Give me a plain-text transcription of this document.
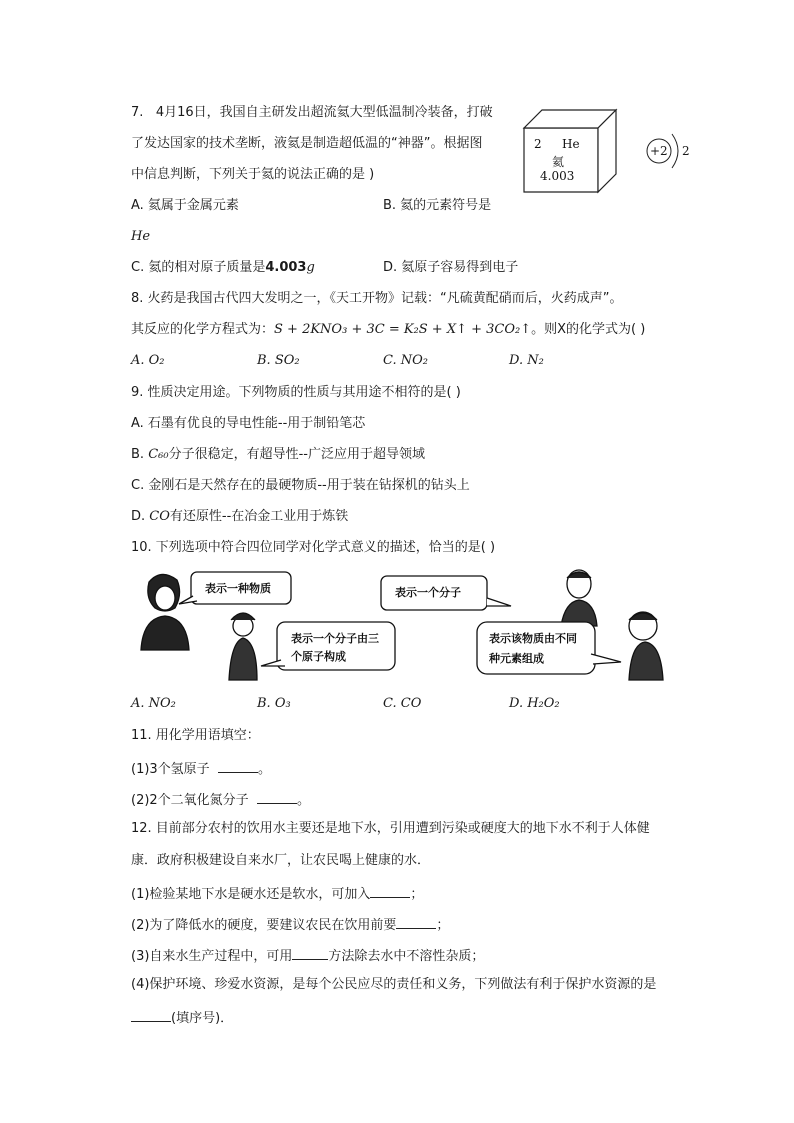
7. 4月16日，我国自主研发出超流氦大型低温制冷装备，打破
了发达国家的技术垄断，液氦是制造超低温的“神器”。根据图
中信息判断，下列关于氦的说法正确的是 )
2 He
氦
4.003
+2 2
A. 氦属于金属元素	B. 氦的元素符号是
He
C. 氦的相对原子质量是4.003g	D. 氦原子容易得到电子
8. 火药是我国古代四大发明之一，《天工开物》记载：“凡硫黄配硝而后，火药成声”。
其反应的化学方程式为：S + 2KNO₃ + 3C = K₂S + X↑ + 3CO₂↑。则X的化学式为( )
A. O₂	B. SO₂	C. NO₂	D. N₂
9. 性质决定用途。下列物质的性质与其用途不相符的是( )
A. 石墨有优良的导电性能--用于制铅笔芯
B. C₆₀分子很稳定，有超导性--广泛应用于超导领域
C. 金刚石是天然存在的最硬物质--用于装在钻探机的钻头上
D. CO有还原性--在冶金工业用于炼铁
10. 下列选项中符合四位同学对化学式意义的描述，恰当的是( )
表示一种物质
表示一个分子由三
个原子构成
表示一个分子
表示该物质由不同
种元素组成
A. NO₂	B. O₃	C. CO	D. H₂O₂
11. 用化学用语填空：
(1)3个氢原子	。
(2)2个二氧化氮分子	。
12. 目前部分农村的饮用水主要还是地下水，引用遭到污染或硬度大的地下水不利于人体健
康．政府积极建设自来水厂，让农民喝上健康的水．
(1)检验某地下水是硬水还是软水，可加入	；
(2)为了降低水的硬度，要建议农民在饮用前要	；
(3)自来水生产过程中，可用	方法除去水中不溶性杂质；
(4)保护环境、珍爱水资源，是每个公民应尽的责任和义务，下列做法有利于保护水资源的是
(填序号)．
